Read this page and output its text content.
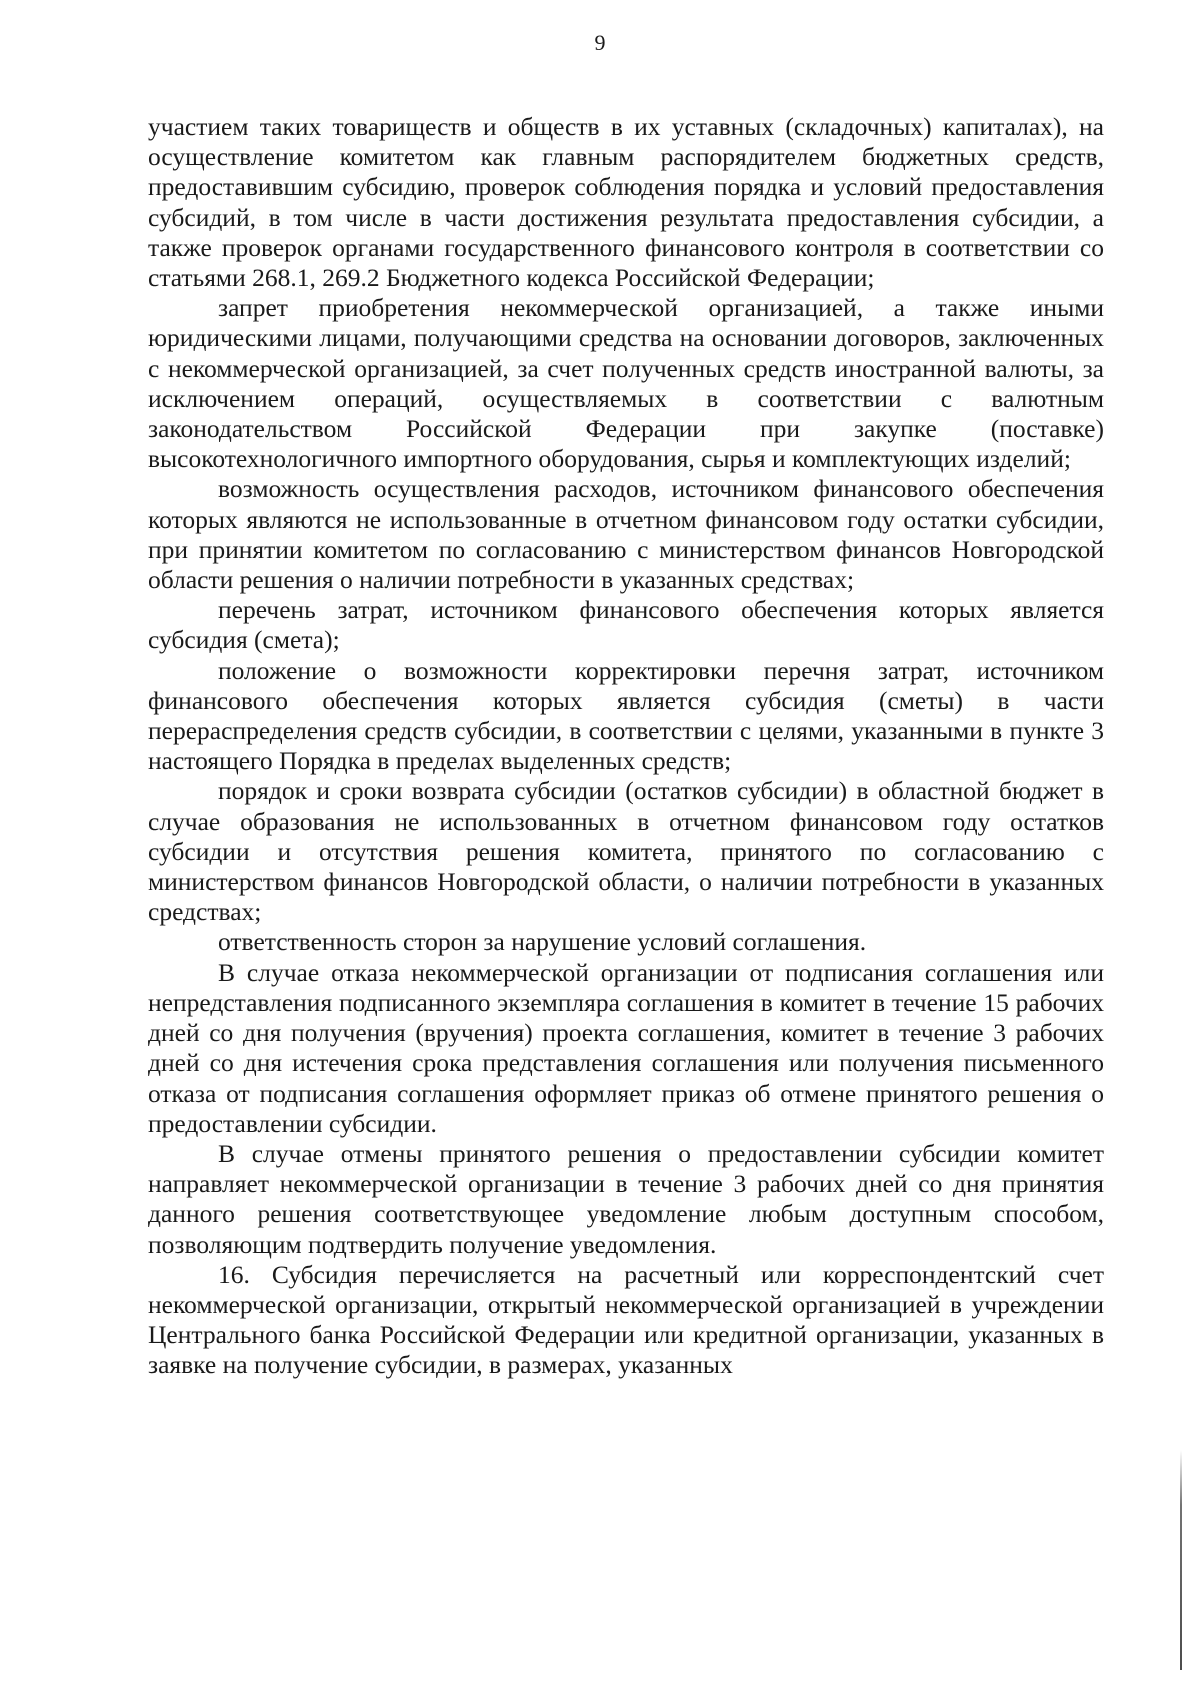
9

участием таких товариществ и обществ в их уставных (складочных) капиталах), на осуществление комитетом как главным распорядителем бюджетных средств, предоставившим субсидию, проверок соблюдения порядка и условий предоставления субсидий, в том числе в части достижения результата предоставления субсидии, а также проверок органами государственного финансового контроля в соответствии со статьями 268.1, 269.2 Бюджетного кодекса Российской Федерации;

запрет приобретения некоммерческой организацией, а также иными юридическими лицами, получающими средства на основании договоров, заключенных с некоммерческой организацией, за счет полученных средств иностранной валюты, за исключением операций, осуществляемых в соответствии с валютным законодательством Российской Федерации при закупке (поставке) высокотехнологичного импортного оборудования, сырья и комплектующих изделий;

возможность осуществления расходов, источником финансового обеспечения которых являются не использованные в отчетном финансовом году остатки субсидии, при принятии комитетом по согласованию с министерством финансов Новгородской области решения о наличии потребности в указанных средствах;

перечень затрат, источником финансового обеспечения которых является субсидия (смета);

положение о возможности корректировки перечня затрат, источником финансового обеспечения которых является субсидия (сметы) в части перераспределения средств субсидии, в соответствии с целями, указанными в пункте 3 настоящего Порядка в пределах выделенных средств;

порядок и сроки возврата субсидии (остатков субсидии) в областной бюджет в случае образования не использованных в отчетном финансовом году остатков субсидии и отсутствия решения комитета, принятого по согласованию с министерством финансов Новгородской области, о наличии потребности в указанных средствах;

ответственность сторон за нарушение условий соглашения.

В случае отказа некоммерческой организации от подписания соглашения или непредставления подписанного экземпляра соглашения в комитет в течение 15 рабочих дней со дня получения (вручения) проекта соглашения, комитет в течение 3 рабочих дней со дня истечения срока представления соглашения или получения письменного отказа от подписания соглашения оформляет приказ об отмене принятого решения о предоставлении субсидии.

В случае отмены принятого решения о предоставлении субсидии комитет направляет некоммерческой организации в течение 3 рабочих дней со дня принятия данного решения соответствующее уведомление любым доступным способом, позволяющим подтвердить получение уведомления.

16. Субсидия перечисляется на расчетный или корреспондентский счет некоммерческой организации, открытый некоммерческой организацией в учреждении Центрального банка Российской Федерации или кредитной организации, указанных в заявке на получение субсидии, в размерах, указанных
